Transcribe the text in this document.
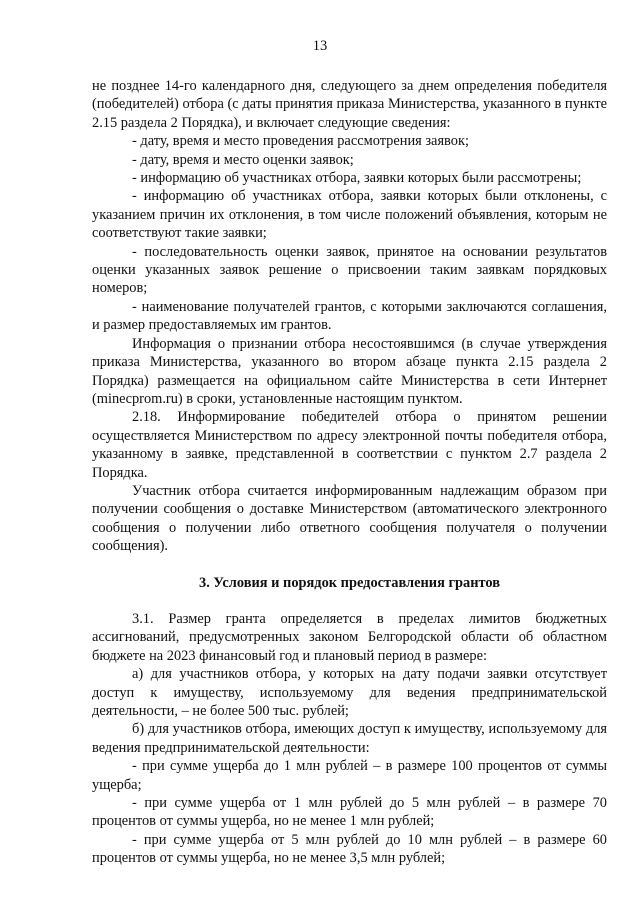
13

не позднее 14-го календарного дня, следующего за днем определения победителя (победителей) отбора (с даты принятия приказа Министерства, указанного в пункте 2.15 раздела 2 Порядка), и включает следующие сведения:

- дату, время и место проведения рассмотрения заявок;

- дату, время и место оценки заявок;

- информацию об участниках отбора, заявки которых были рассмотрены;

- информацию об участниках отбора, заявки которых были отклонены, с указанием причин их отклонения, в том числе положений объявления, которым не соответствуют такие заявки;

- последовательность оценки заявок, принятое на основании результатов оценки указанных заявок решение о присвоении таким заявкам порядковых номеров;

- наименование получателей грантов, с которыми заключаются соглашения, и размер предоставляемых им грантов.

Информация о признании отбора несостоявшимся (в случае утверждения приказа Министерства, указанного во втором абзаце пункта 2.15 раздела 2 Порядка) размещается на официальном сайте Министерства в сети Интернет (minecprom.ru) в сроки, установленные настоящим пунктом.

2.18. Информирование победителей отбора о принятом решении осуществляется Министерством по адресу электронной почты победителя отбора, указанному в заявке, представленной в соответствии с пунктом 2.7 раздела 2 Порядка.

Участник отбора считается информированным надлежащим образом при получении сообщения о доставке Министерством (автоматического электронного сообщения о получении либо ответного сообщения получателя о получении сообщения).

3. Условия и порядок предоставления грантов

3.1. Размер гранта определяется в пределах лимитов бюджетных ассигнований, предусмотренных законом Белгородской области об областном бюджете на 2023 финансовый год и плановый период в размере:

а) для участников отбора, у которых на дату подачи заявки отсутствует доступ к имуществу, используемому для ведения предпринимательской деятельности, – не более 500 тыс. рублей;

б) для участников отбора, имеющих доступ к имуществу, используемому для ведения предпринимательской деятельности:

- при сумме ущерба до 1 млн рублей – в размере 100 процентов от суммы ущерба;

- при сумме ущерба от 1 млн рублей до 5 млн рублей – в размере 70 процентов от суммы ущерба, но не менее 1 млн рублей;

- при сумме ущерба от 5 млн рублей до 10 млн рублей – в размере 60 процентов от суммы ущерба, но не менее 3,5 млн рублей;
